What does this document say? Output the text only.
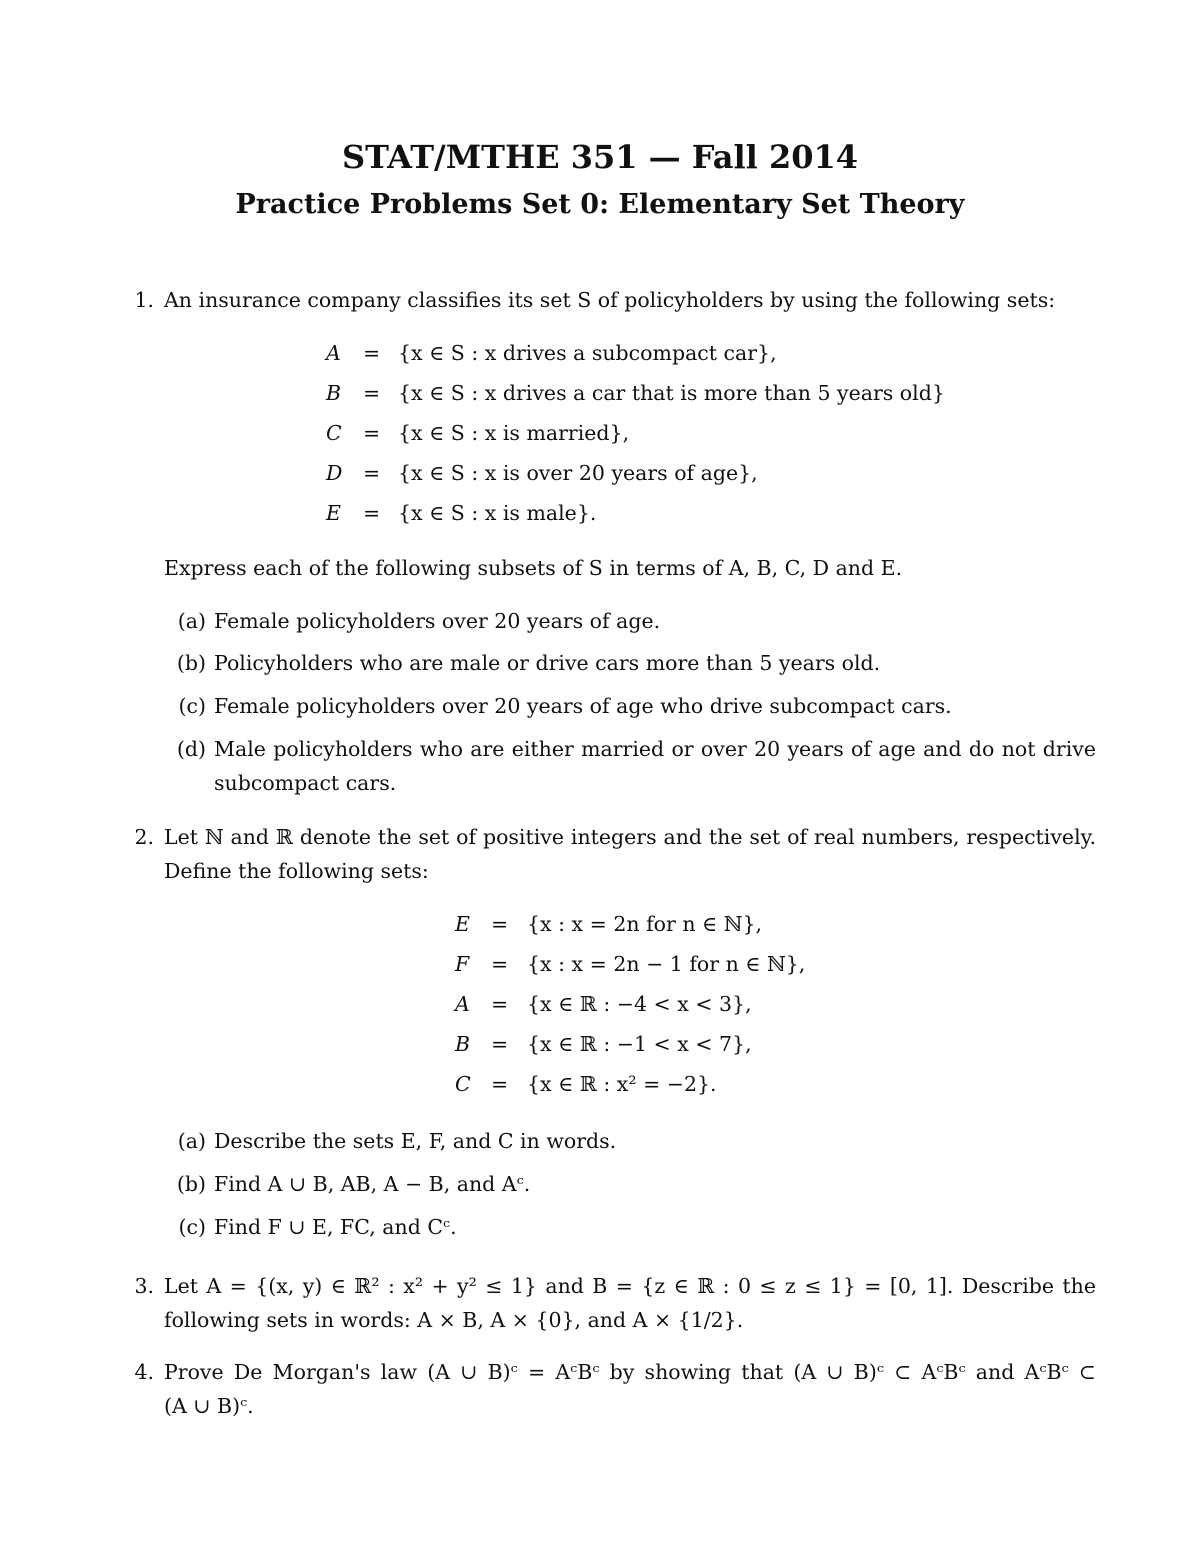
STAT/MTHE 351 — Fall 2014
Practice Problems Set 0: Elementary Set Theory
1. An insurance company classifies its set S of policyholders by using the following sets:
A = {x ∈ S : x drives a subcompact car},
B = {x ∈ S : x drives a car that is more than 5 years old}
C = {x ∈ S : x is married},
D = {x ∈ S : x is over 20 years of age},
E = {x ∈ S : x is male}.
Express each of the following subsets of S in terms of A, B, C, D and E.
(a) Female policyholders over 20 years of age.
(b) Policyholders who are male or drive cars more than 5 years old.
(c) Female policyholders over 20 years of age who drive subcompact cars.
(d) Male policyholders who are either married or over 20 years of age and do not drive
subcompact cars.
2. Let ℕ and ℝ denote the set of positive integers and the set of real numbers, respectively.
Define the following sets:
E = {x : x = 2n for n ∈ ℕ},
F = {x : x = 2n − 1 for n ∈ ℕ},
A = {x ∈ ℝ : −4 < x < 3},
B = {x ∈ ℝ : −1 < x < 7},
C = {x ∈ ℝ : x² = −2}.
(a) Describe the sets E, F, and C in words.
(b) Find A ∪ B, AB, A − B, and Aᶜ.
(c) Find F ∪ E, FC, and Cᶜ.
3. Let A = {(x, y) ∈ ℝ² : x² + y² ≤ 1} and B = {z ∈ ℝ : 0 ≤ z ≤ 1} = [0, 1]. Describe the
following sets in words: A × B, A × {0}, and A × {1/2}.
4. Prove De Morgan's law (A ∪ B)ᶜ = AᶜBᶜ by showing that (A ∪ B)ᶜ ⊂ AᶜBᶜ and AᶜBᶜ ⊂
(A ∪ B)ᶜ.
